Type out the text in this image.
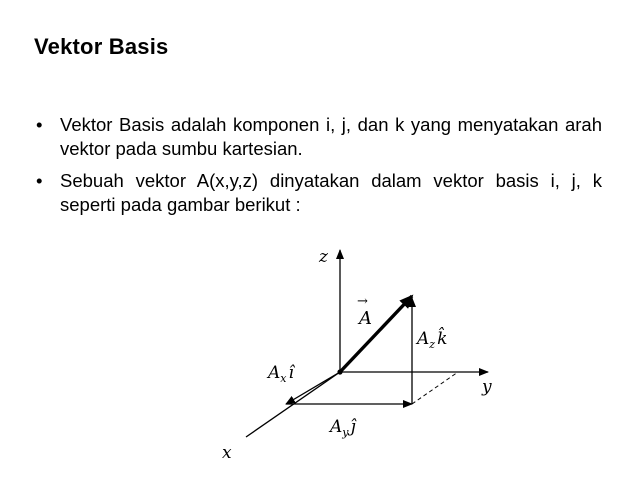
Vektor Basis
• Vektor Basis adalah komponen i, j, dan k yang menyatakan arah vektor pada sumbu kartesian.
• Sebuah vektor A(x,y,z) dinyatakan dalam vektor basis i, j, k seperti pada gambar berikut :
z
y
x
→
A
$A_z$ k̂
$A_x$ î
$A_y$ ĵ
